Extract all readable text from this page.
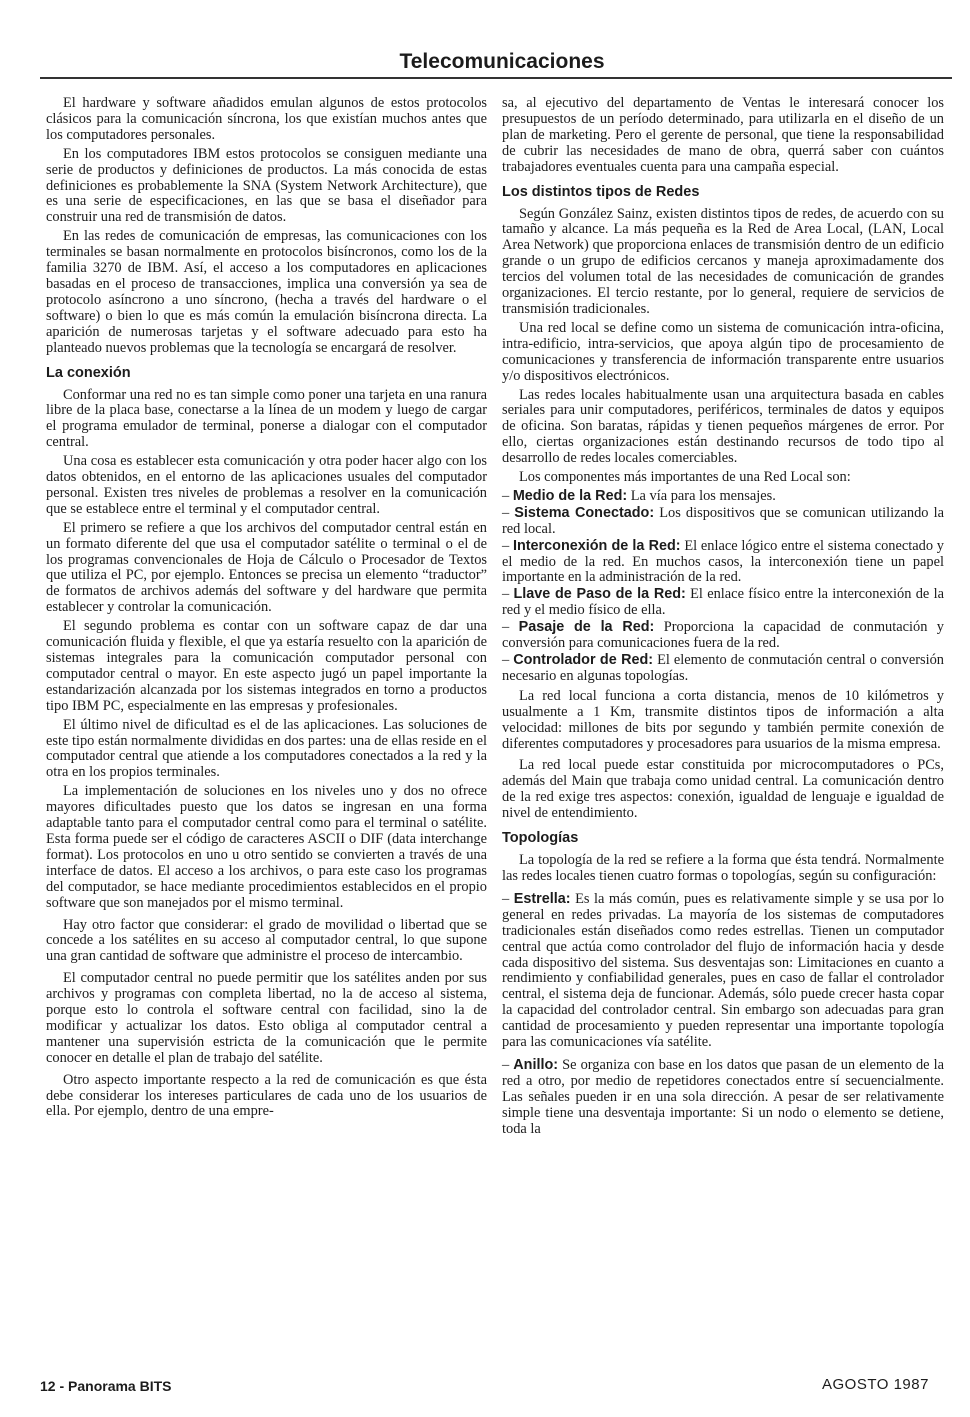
Telecomunicaciones

El hardware y software añadidos emulan algunos de estos protocolos clásicos para la comunicación síncrona, los que existían muchos antes que los computadores personales.

En los computadores IBM estos protocolos se consiguen mediante una serie de productos y definiciones de productos. La más conocida de estas definiciones es probablemente la SNA (System Network Architecture), que es una serie de especificaciones, en las que se basa el diseñador para construir una red de transmisión de datos.

En las redes de comunicación de empresas, las comunicaciones con los terminales se basan normalmente en protocolos bisíncronos, como los de la familia 3270 de IBM. Así, el acceso a los computadores en aplicaciones basadas en el proceso de transacciones, implica una conversión ya sea de protocolo asíncrono a uno síncrono, (hecha a través del hardware o el software) o bien lo que es más común la emulación bisíncrona directa. La aparición de numerosas tarjetas y el software adecuado para esto ha planteado nuevos problemas que la tecnología se encargará de resolver.

La conexión

Conformar una red no es tan simple como poner una tarjeta en una ranura libre de la placa base, conectarse a la línea de un modem y luego de cargar el programa emulador de terminal, ponerse a dialogar con el computador central.

Una cosa es establecer esta comunicación y otra poder hacer algo con los datos obtenidos, en el entorno de las aplicaciones usuales del computador personal. Existen tres niveles de problemas a resolver en la comunicación que se establece entre el terminal y el computador central.

El primero se refiere a que los archivos del computador central están en un formato diferente del que usa el computador satélite o terminal o el de los programas convencionales de Hoja de Cálculo o Procesador de Textos que utiliza el PC, por ejemplo. Entonces se precisa un elemento “traductor” de formatos de archivos además del software y del hardware que permita establecer y controlar la comunicación.

El segundo problema es contar con un software capaz de dar una comunicación fluida y flexible, el que ya estaría resuelto con la aparición de sistemas integrales para la comunicación computador personal con computador central o mayor. En este aspecto jugó un papel importante la estandarización alcanzada por los sistemas integrados en torno a productos tipo IBM PC, especialmente en las empresas y profesionales.

El último nivel de dificultad es el de las aplicaciones. Las soluciones de este tipo están normalmente divididas en dos partes: una de ellas reside en el computador central que atiende a los computadores conectados a la red y la otra en los propios terminales.

La implementación de soluciones en los niveles uno y dos no ofrece mayores dificultades puesto que los datos se ingresan en una forma adaptable tanto para el computador central como para el terminal o satélite. Esta forma puede ser el código de caracteres ASCII o DIF (data interchange format). Los protocolos en uno u otro sentido se convierten a través de una interface de datos. El acceso a los archivos, o para este caso los programas del computador, se hace mediante procedimientos establecidos en el propio software que son manejados por el mismo terminal.

Hay otro factor que considerar: el grado de movilidad o libertad que se concede a los satélites en su acceso al computador central, lo que supone una gran cantidad de software que administre el proceso de intercambio.

El computador central no puede permitir que los satélites anden por sus archivos y programas con completa libertad, no la de acceso al sistema, porque esto lo controla el software central con facilidad, sino la de modificar y actualizar los datos. Esto obliga al computador central a mantener una supervisión estricta de la comunicación que le permite conocer en detalle el plan de trabajo del satélite.

Otro aspecto importante respecto a la red de comunicación es que ésta debe considerar los intereses particulares de cada uno de los usuarios de ella. Por ejemplo, dentro de una empre-

sa, al ejecutivo del departamento de Ventas le interesará conocer los presupuestos de un período determinado, para utilizarla en el diseño de un plan de marketing. Pero el gerente de personal, que tiene la responsabilidad de cubrir las necesidades de mano de obra, querrá saber con cuántos trabajadores eventuales cuenta para una campaña especial.

Los distintos tipos de Redes

Según González Sainz, existen distintos tipos de redes, de acuerdo con su tamaño y alcance. La más pequeña es la Red de Area Local, (LAN, Local Area Network) que proporciona enlaces de transmisión dentro de un edificio grande o un grupo de edificios cercanos y maneja aproximadamente dos tercios del volumen total de las necesidades de comunicación de grandes organizaciones. El tercio restante, por lo general, requiere de servicios de transmisión tradicionales.

Una red local se define como un sistema de comunicación intra-oficina, intra-edificio, intra-servicios, que apoya algún tipo de procesamiento de comunicaciones y transferencia de información transparente entre usuarios y/o dispositivos electrónicos.

Las redes locales habitualmente usan una arquitectura basada en cables seriales para unir computadores, periféricos, terminales de datos y equipos de oficina. Son baratas, rápidas y tienen pequeños márgenes de error. Por ello, ciertas organizaciones están destinando recursos de todo tipo al desarrollo de redes locales comerciables.

Los componentes más importantes de una Red Local son:

– Medio de la Red: La vía para los mensajes.
– Sistema Conectado: Los dispositivos que se comunican utilizando la red local.
– Interconexión de la Red: El enlace lógico entre el sistema conectado y el medio de la red. En muchos casos, la interconexión tiene un papel importante en la administración de la red.
– Llave de Paso de la Red: El enlace físico entre la interconexión de la red y el medio físico de ella.
– Pasaje de la Red: Proporciona la capacidad de conmutación y conversión para comunicaciones fuera de la red.
– Controlador de Red: El elemento de conmutación central o conversión necesario en algunas topologías.

La red local funciona a corta distancia, menos de 10 kilómetros y usualmente a 1 Km, transmite distintos tipos de información a alta velocidad: millones de bits por segundo y también permite conexión de diferentes computadores y procesadores para usuarios de la misma empresa.

La red local puede estar constituida por microcomputadores o PCs, además del Main que trabaja como unidad central. La comunicación dentro de la red exige tres aspectos: conexión, igualdad de lenguaje e igualdad de nivel de entendimiento.

Topologías

La topología de la red se refiere a la forma que ésta tendrá. Normalmente las redes locales tienen cuatro formas o topologías, según su configuración:

– Estrella: Es la más común, pues es relativamente simple y se usa por lo general en redes privadas. La mayoría de los sistemas de computadores tradicionales están diseñados como redes estrellas. Tienen un computador central que actúa como controlador del flujo de información hacia y desde cada dispositivo del sistema. Sus desventajas son: Limitaciones en cuanto a rendimiento y confiabilidad generales, pues en caso de fallar el controlador central, el sistema deja de funcionar. Además, sólo puede crecer hasta copar la capacidad del controlador central. Sin embargo son adecuadas para gran cantidad de procesamiento y pueden representar una importante topología para las comunicaciones vía satélite.
– Anillo: Se organiza con base en los datos que pasan de un elemento de la red a otro, por medio de repetidores conectados entre sí secuencialmente. Las señales pueden ir en una sola dirección. A pesar de ser relativamente simple tiene una desventaja importante: Si un nodo o elemento se detiene, toda la
12 - Panorama BITS	AGOSTO 1987
